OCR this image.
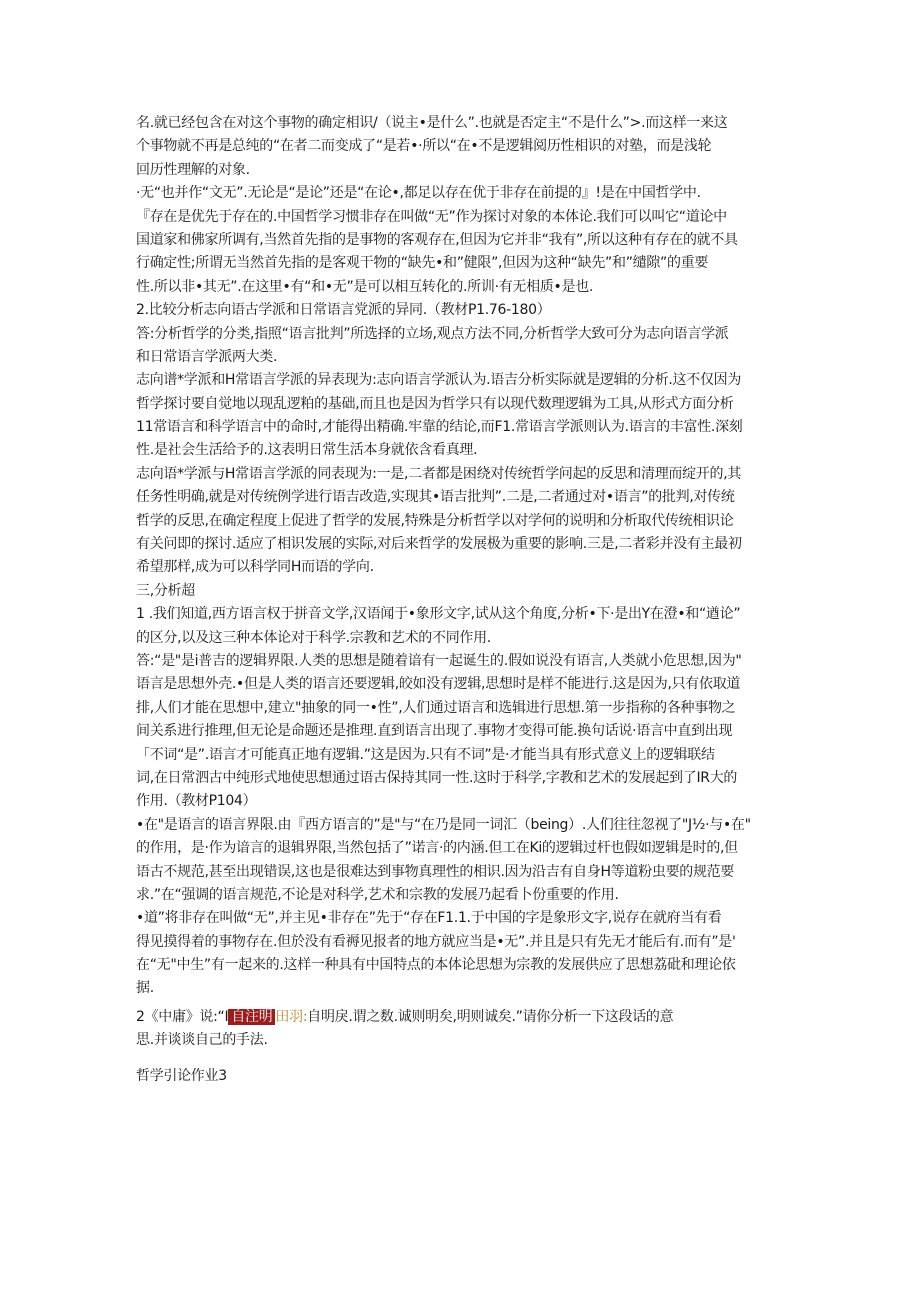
名.就已经包含在对这个事物的确定相识/（说主•是什么”.也就是否定主“不是什么”>.而这样一来这
个事物就不再是总纯的“在者二而变成了“是若•·所以“在•不是逻辑阅历性相识的对塾，而是浅轮
回历性理解的对象.
·无“也并作“文无”.无论是“是论”还是“在论•,都足以存在优于非存在前提的』!是在中国哲学中.
『存在是优先于存在的.中国哲学习惯非存在叫做“无”作为探讨对象的本体论.我们可以叫它“道论中
国道家和佛家所调有,当然首先指的是事物的客观存在,但因为它并非“我有”,所以这种有存在的就不具
行确定性;所谓无当然首先指的是客观干物的“缺先•和”健限”,但因为这种“缺先”和”缱隙”的重要
性.所以非•其无”.在这里•有“和•无”是可以相互转化的.所训·有无相质•是也.
2.比较分析志向语古学派和日常语言党派的异同.（教材P1.76-180）
答:分析哲学的分类,指照“语言批判”所选择的立场,观点方法不同,分析哲学大致可分为志向语言学派
和日常语言学派两大类.
志向谱*学派和H常语言学派的异表现为:志向语言学派认为.语吉分析实际就是逻辑的分析.这不仅因为
哲学探讨要自觉地以现乱逻粕的基础,而且也是因为哲学只有以现代数理逻辑为工具,从形式方面分析
11常语言和科学语言中的命时,才能得出精确.牢靠的结论,而F1.常语言学派则认为.语言的丰富性.深刻
性.是社会生活给予的.这表明日常生活本身就依含看真理.
志向语*学派与H常语言学派的同表现为:一是,二者都是困绕对传统哲学问起的反思和清理而绽开的,其
任务性明确,就是对传统例学进行语吉改造,实现其•语吉批判”.二是,二者通过对•语言”的批判,对传统
哲学的反思,在确定程度上促进了哲学的发展,特殊是分析哲学以对学何的说明和分析取代传统相识论
有关问即的探讨.适应了相识发展的实际,对后来哲学的发展极为重要的影响.三是,二者彩并没有主最初
希望那样,成为可以科学同H而语的学向.
三,分析超
1 .我们知道,西方语言权于拼音文学,汉语闻于•象形文字,试从这个角度,分析•下·是出Y在澄•和“遒论”
的区分,以及这三种本体论对于科学.宗教和艺术的不同作用.
答:“是"是i普吉的逻辑界限.人类的思想是随着谙有一起诞生的.假如说没有语言,人类就小危思想,因为"
语言是思想外壳.•但是人类的语言还要逻辑,皎如没有逻辑,思想时是样不能进行.这是因为,只有依取道
排,人们才能在思想中,建立"抽象的同一•性”,人们通过语言和选辑进行思想.第一步指称的各种事物之
间关系进行推理,但无论是命题还是推理.直到语言出现了.事物才变得可能.换句话说·语言中直到出现
「不词“是”.语言才可能真正地有逻辑.”这是因为.只有不词”是·才能当具有形式意义上的逻辑联结
词,在日常泗古中纯形式地使思想通过语古保持其同一性.这时于科学,字教和艺术的发展起到了IR大的
作用.（教材P104）
•在"是语言的语言界限.由『西方语言的”是"与“在乃是同一词汇（being）.人们往往忽视了"J½·与•在"
的作用，是·作为谙言的退辑界限,当然包括了”诺言·的内涵.但工在Ki的逻辑过杆也假如逻辑是时的,但
语古不规范,甚至出现错误,这也是很难达到事物真理性的相识.因为沿吉有自身H等道粉虫要的规范要
求.”在“强调的语言规范,不论是对科学,艺术和宗教的发展乃起看卜份重要的作用.
•道”将非存在叫做“无”,并主见•非存在”先于“存在F1.1.于中国的字是象形文字,说存在就府当有看
得见摸得着的事物存在.但於没有看褥见报者的地方就应当是•无”.并且是只有先无才能后有.而有”是'
在“无"中生”有一起来的.这样一种具有中国特点的本体论思想为宗教的发展供应了思想荔砒和理论依
据.
2《中庸》说:“I 自注明 田羽:自明戾.谓之数.诚则明矣,明则诚矣.”请你分析一下这段话的意
思.并谈谈自己的手法.
哲学引论作业3
